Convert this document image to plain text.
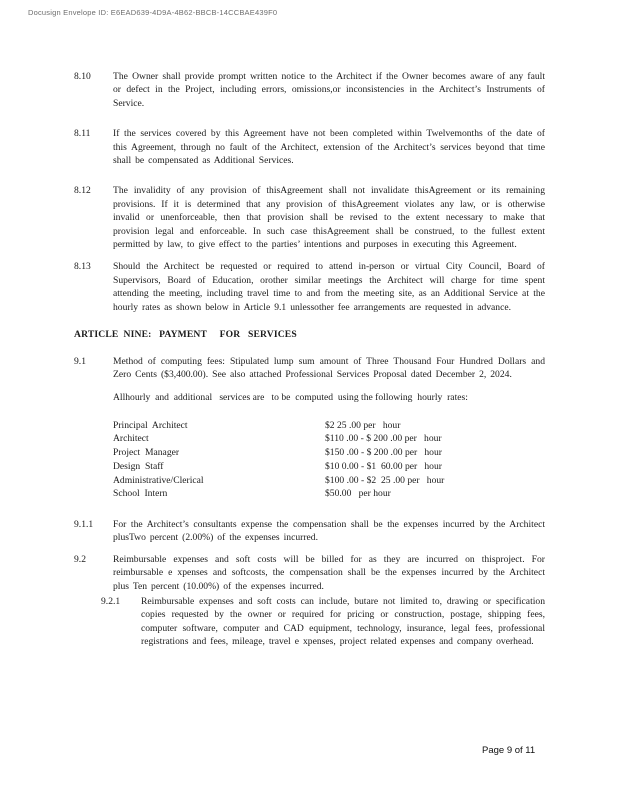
Docusign Envelope ID: E6EAD639-4D9A-4B62-BBCB-14CCBAE439F0
8.10	The Owner shall provide prompt written notice to the Architect if the Owner becomes aware of any fault or defect in the Project, including errors, omissions,or inconsistencies in the Architect’s Instruments of Service.
8.11	If the services covered by this Agreement have not been completed within Twelvemonths of the date of this Agreement, through no fault of the Architect, extension of the Architect’s services beyond that time shall be compensated as Additional Services.
8.12	The invalidity of any provision of thisAgreement shall not invalidate thisAgreement or its remaining provisions. If it is determined that any provision of thisAgreement violates any law, or is otherwise invalid or unenforceable, then that provision shall be revised to the extent necessary to make that provision legal and enforceable. In such case thisAgreement shall be construed, to the fullest extent permitted by law, to give effect to the parties’ intentions and purposes in executing this Agreement.
8.13	Should the Architect be requested or required to attend in-person or virtual City Council, Board of Supervisors, Board of Education, orother similar meetings the Architect will charge for time spent attending the meeting, including travel time to and from the meeting site, as an Additional Service at the hourly rates as shown below in Article 9.1 unlessother fee arrangements are requested in advance.
ARTICLE  NINE:   PAYMENT     FOR   SERVICES
9.1	Method of computing fees: Stipulated lump sum amount of Three Thousand Four Hundred Dollars and Zero Cents ($3,400.00). See also attached Professional Services Proposal dated December 2, 2024.
Allhourly  and  additional   services are   to be  computed  using the following  hourly  rates:
Principal  Architect	$2 25 .00 per   hour
Architect	$110 .00 - $ 200 .00 per   hour
Project  Manager	$150 .00 - $ 200 .00 per   hour
Design  Staff	$10 0.00 - $1  60.00 per   hour
Administrative/Clerical	$100 .00 - $2  25 .00 per   hour
School  Intern	$50.00   per hour
9.1.1	For the Architect’s consultants expense the compensation shall be the expenses incurred by the Architect plusTwo percent (2.00%) of the expenses incurred.
9.2	Reimbursable expenses and soft costs will be billed for as they are incurred on thisproject. For reimbursable e xpenses and softcosts, the compensation shall be the expenses incurred by the Architect plus Ten percent (10.00%) of the expenses incurred.
9.2.1	Reimbursable expenses and soft costs can include, butare not limited to, drawing or specification copies requested by the owner or required for pricing or construction, postage, shipping fees, computer software, computer and CAD equipment, technology, insurance, legal fees, professional registrations and fees, mileage, travel e xpenses, project related expenses and company overhead.
Page 9 of 11
